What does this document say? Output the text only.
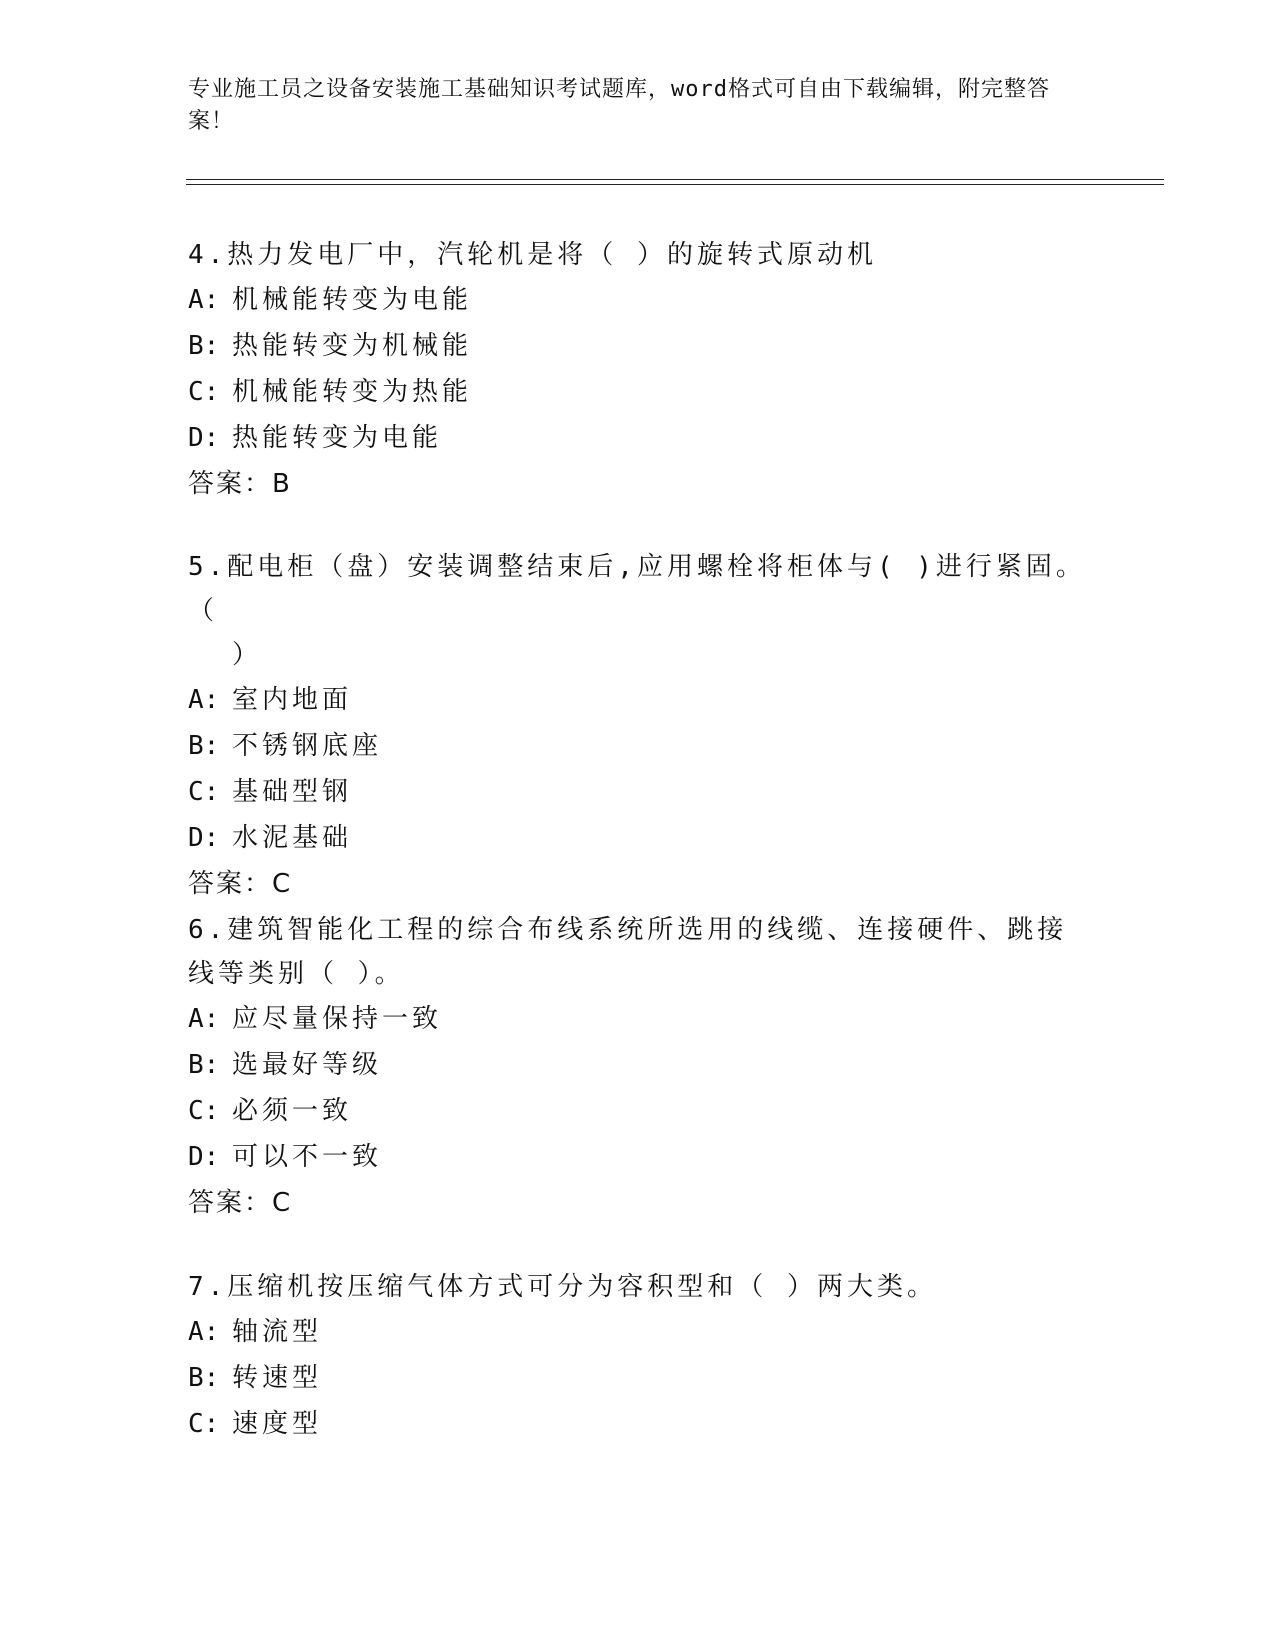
专业施工员之设备安装施工基础知识考试题库，word格式可自由下载编辑，附完整答案！
4.热力发电厂中，汽轮机是将（ ）的旋转式原动机
A: 机械能转变为电能
B: 热能转变为机械能
C: 机械能转变为热能
D: 热能转变为电能
答案：B
5.配电柜（盘）安装调整结束后,应用螺栓将柜体与( )进行紧固。（
）
A: 室内地面
B: 不锈钢底座
C: 基础型钢
D: 水泥基础
答案：C
6.建筑智能化工程的综合布线系统所选用的线缆、连接硬件、跳接线等类别（ ）。
A: 应尽量保持一致
B: 选最好等级
C: 必须一致
D: 可以不一致
答案：C
7.压缩机按压缩气体方式可分为容积型和（ ）两大类。
A: 轴流型
B: 转速型
C: 速度型
